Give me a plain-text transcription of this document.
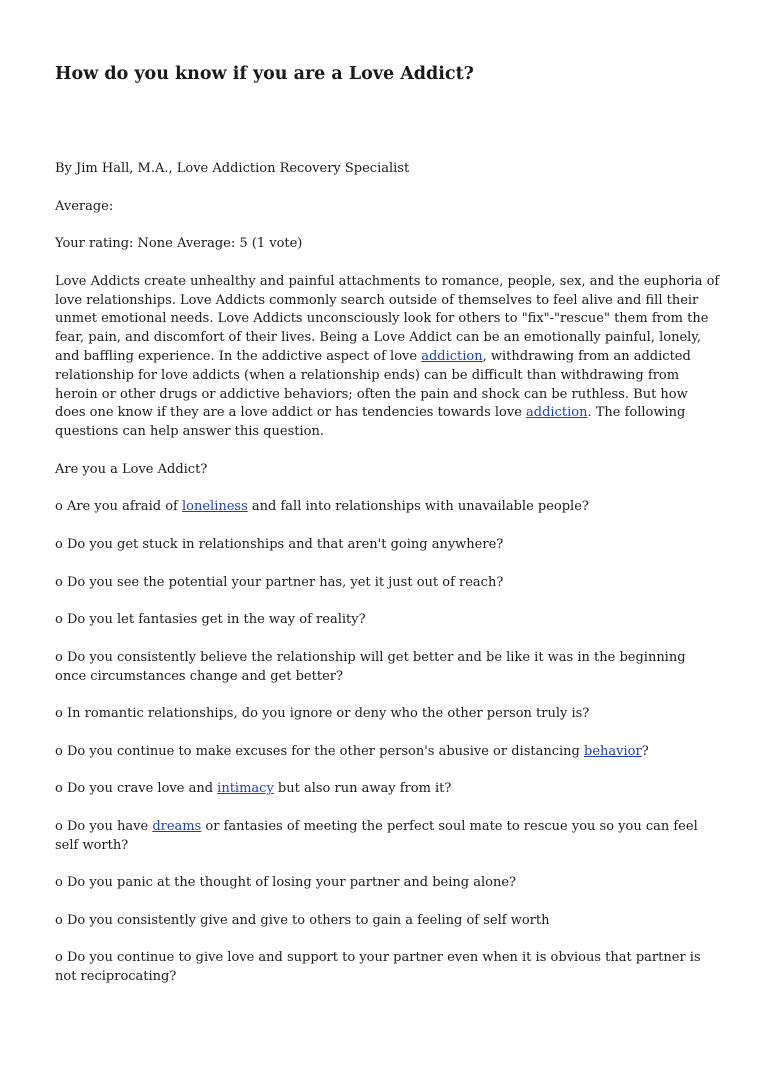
How do you know if you are a Love Addict?

By Jim Hall, M.A., Love Addiction Recovery Specialist

Average:

Your rating: None Average: 5 (1 vote)

Love Addicts create unhealthy and painful attachments to romance, people, sex, and the euphoria of love relationships. Love Addicts commonly search outside of themselves to feel alive and fill their unmet emotional needs. Love Addicts unconsciously look for others to "fix"-"rescue" them from the fear, pain, and discomfort of their lives. Being a Love Addict can be an emotionally painful, lonely, and baffling experience. In the addictive aspect of love addiction, withdrawing from an addicted relationship for love addicts (when a relationship ends) can be difficult than withdrawing from heroin or other drugs or addictive behaviors; often the pain and shock can be ruthless. But how does one know if they are a love addict or has tendencies towards love addiction. The following questions can help answer this question.

Are you a Love Addict?

o Are you afraid of loneliness and fall into relationships with unavailable people?

o Do you get stuck in relationships and that aren't going anywhere?

o Do you see the potential your partner has, yet it just out of reach?

o Do you let fantasies get in the way of reality?

o Do you consistently believe the relationship will get better and be like it was in the beginning once circumstances change and get better?

o In romantic relationships, do you ignore or deny who the other person truly is?

o Do you continue to make excuses for the other person's abusive or distancing behavior?

o Do you crave love and intimacy but also run away from it?

o Do you have dreams or fantasies of meeting the perfect soul mate to rescue you so you can feel self worth?

o Do you panic at the thought of losing your partner and being alone?

o Do you consistently give and give to others to gain a feeling of self worth

o Do you continue to give love and support to your partner even when it is obvious that partner is not reciprocating?
